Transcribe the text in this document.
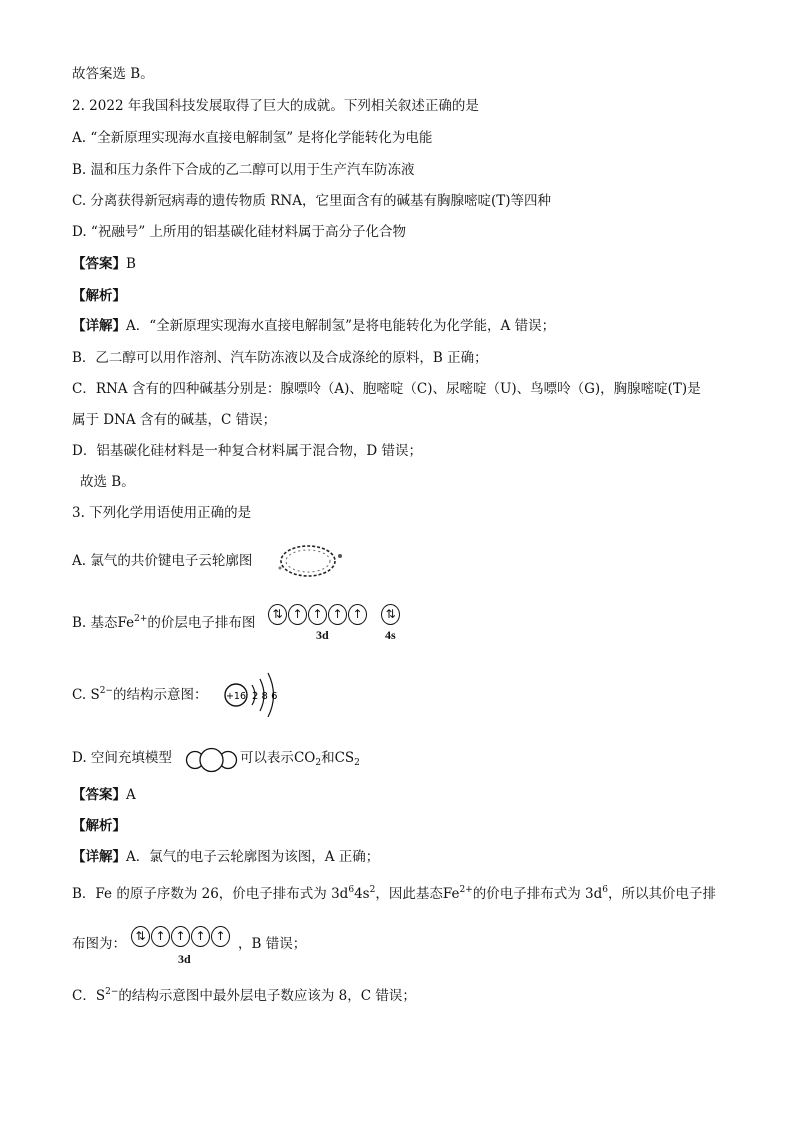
故答案选 B。
2. 2022 年我国科技发展取得了巨大的成就。下列相关叙述正确的是
A. “全新原理实现海水直接电解制氢” 是将化学能转化为电能
B. 温和压力条件下合成的乙二醇可以用于生产汽车防冻液
C. 分离获得新冠病毒的遗传物质 RNA，它里面含有的碱基有胸腺嘧啶(T)等四种
D. “祝融号” 上所用的铝基碳化硅材料属于高分子化合物
【答案】B
【解析】
【详解】A．“全新原理实现海水直接电解制氢”是将电能转化为化学能，A 错误；
B．乙二醇可以用作溶剂、汽车防冻液以及合成涤纶的原料，B 正确；
C．RNA 含有的四种碱基分别是：腺嘌呤（A)、胞嘧啶（C)、尿嘧啶（U)、鸟嘌呤（G)，胸腺嘧啶(T)是
属于 DNA 含有的碱基，C 错误；
D．铝基碳化硅材料是一种复合材料属于混合物，D 错误；
故选 B。
3. 下列化学用语使用正确的是
A. 氯气的共价键电子云轮廓图
B. 基态$Fe^{2+}$的价层电子排布图
⇅ ↑ ↑ ↑ ↑ ⇅
3d	4s
C. $S^{2-}$的结构示意图： +16 2 8 6
D. 空间充填模型	可以表示$CO_2$和$CS_2$
【答案】A
【解析】
【详解】A．氯气的电子云轮廓图为该图，A 正确；
B．Fe 的原子序数为 26，价电子排布式为 $3d^64s^2$，因此基态$Fe^{2+}$的价电子排布式为 $3d^6$，所以其价电子排
布图为：	，B 错误；
⇅ ↑ ↑ ↑ ↑
3d
C．$S^{2-}$的结构示意图中最外层电子数应该为 8，C 错误；
